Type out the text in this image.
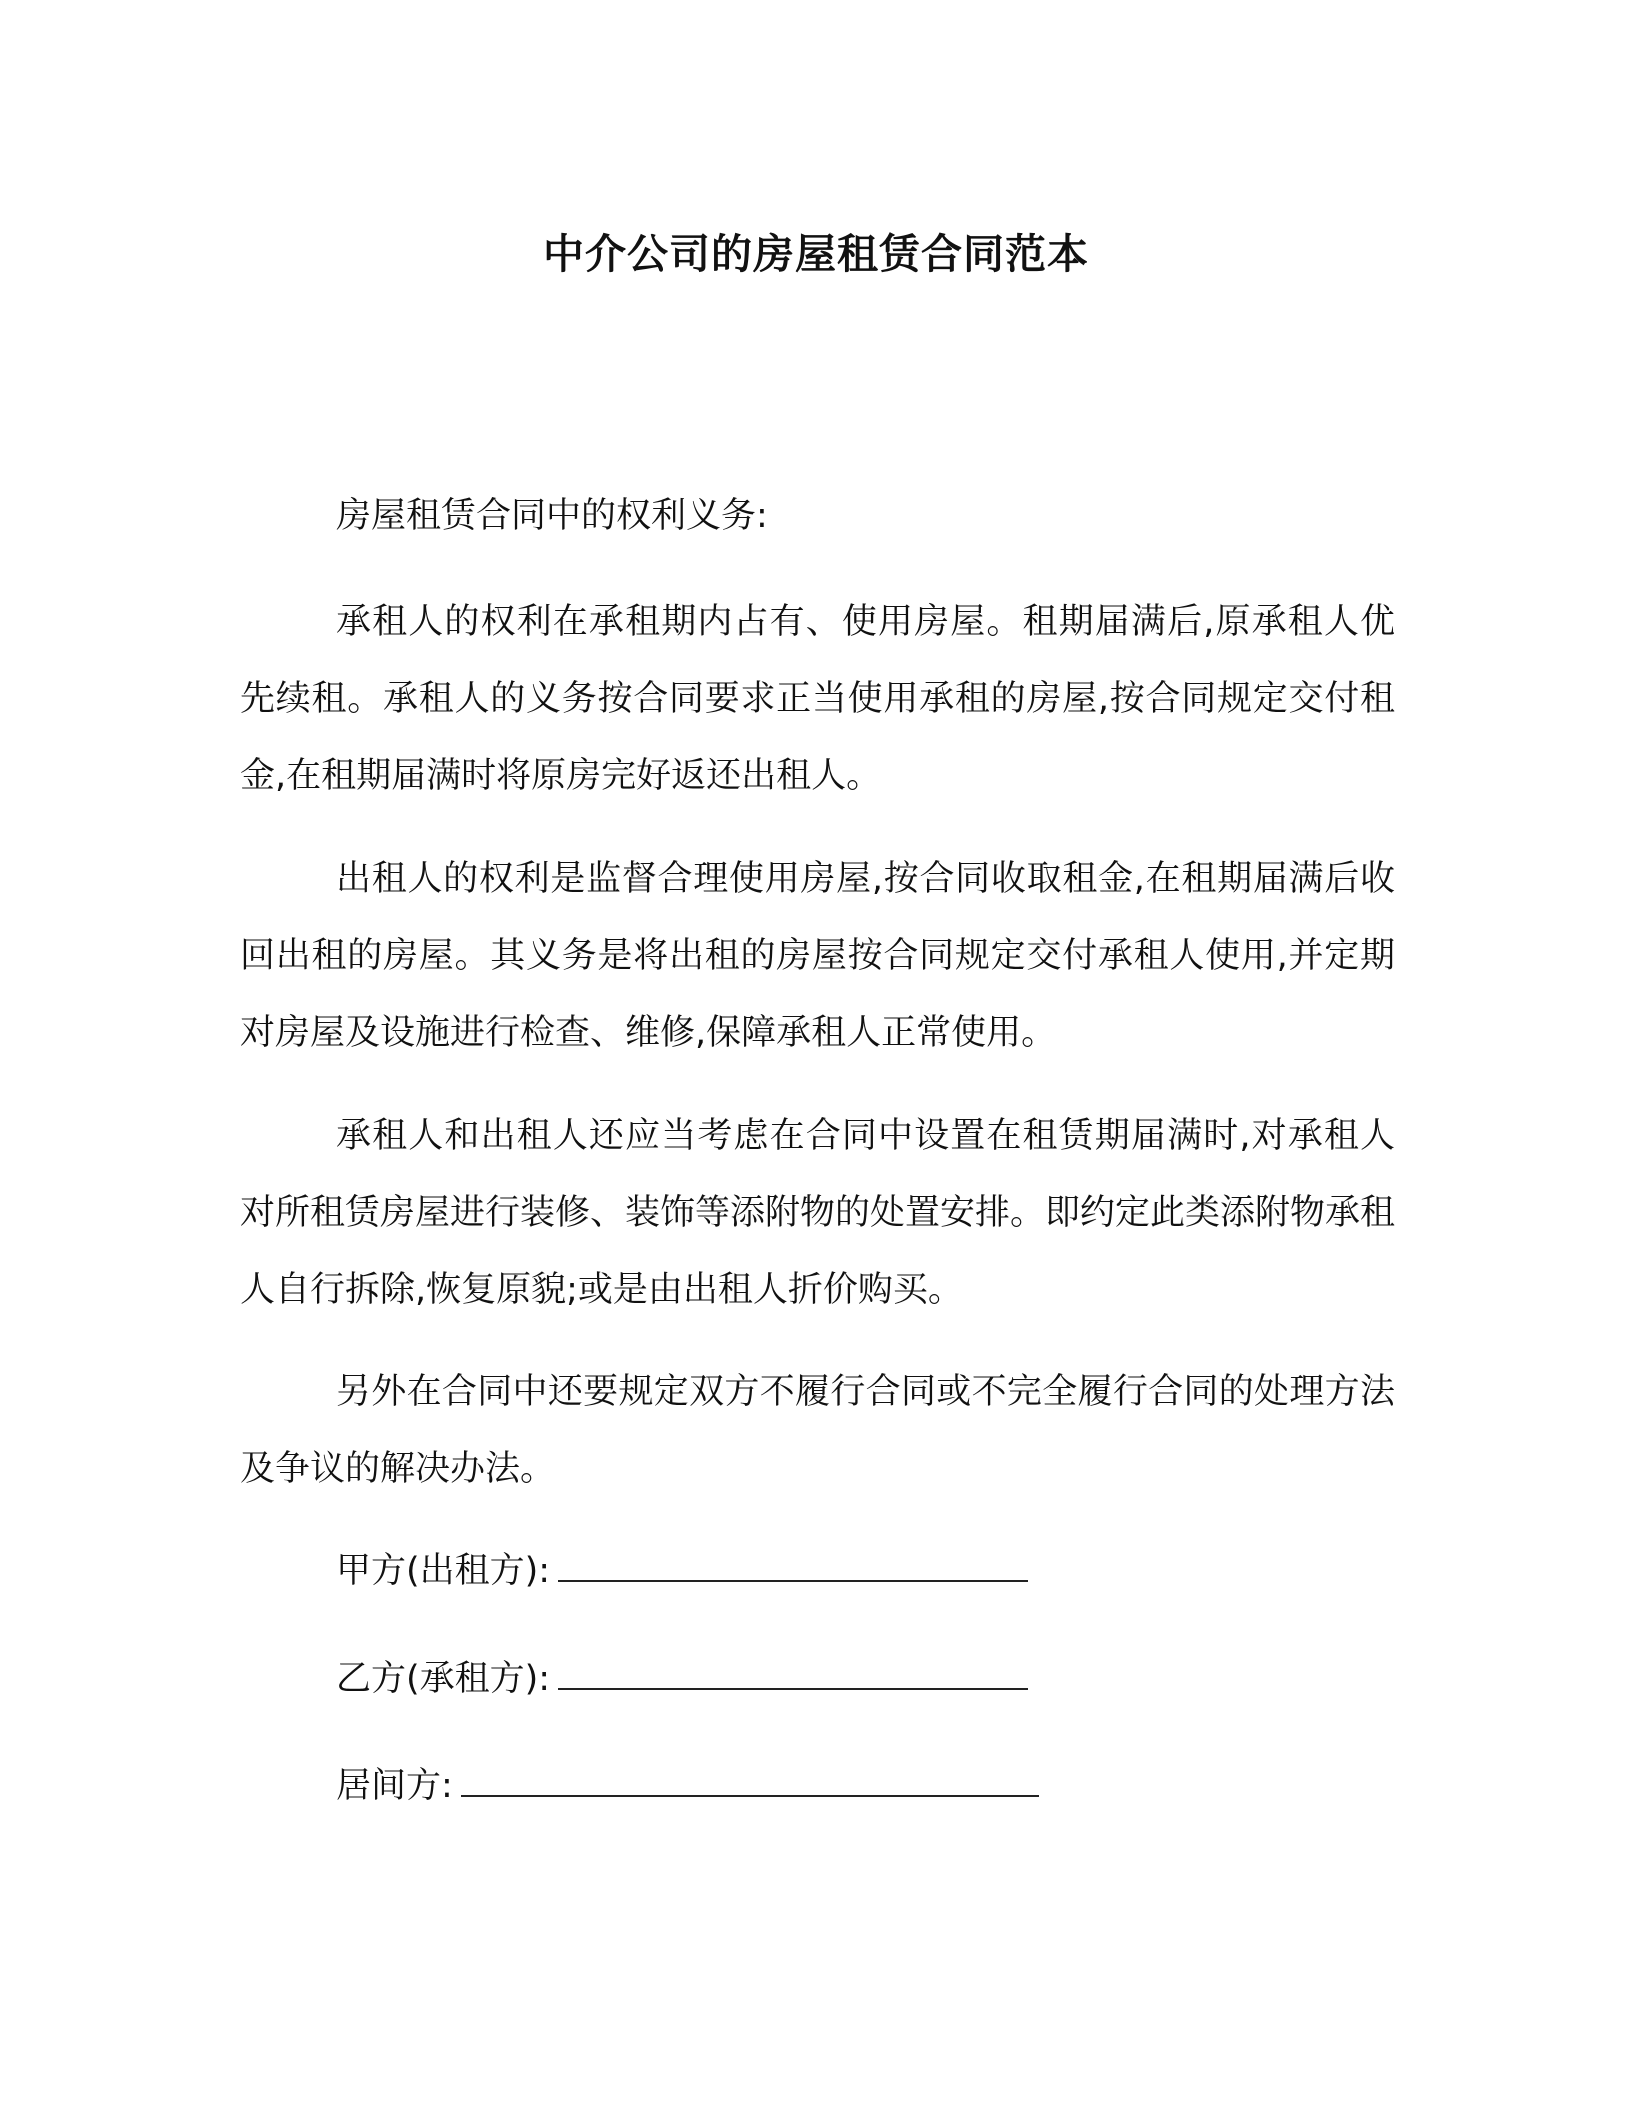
中介公司的房屋租赁合同范本

房屋租赁合同中的权利义务:

承租人的权利在承租期内占有、使用房屋。租期届满后,原承租人优先续租。承租人的义务按合同要求正当使用承租的房屋,按合同规定交付租金,在租期届满时将原房完好返还出租人。

出租人的权利是监督合理使用房屋,按合同收取租金,在租期届满后收回出租的房屋。其义务是将出租的房屋按合同规定交付承租人使用,并定期对房屋及设施进行检查、维修,保障承租人正常使用。

承租人和出租人还应当考虑在合同中设置在租赁期届满时,对承租人对所租赁房屋进行装修、装饰等添附物的处置安排。即约定此类添附物承租人自行拆除,恢复原貌;或是由出租人折价购买。

另外在合同中还要规定双方不履行合同或不完全履行合同的处理方法及争议的解决办法。

甲方(出租方):
乙方(承租方):
居间方:
